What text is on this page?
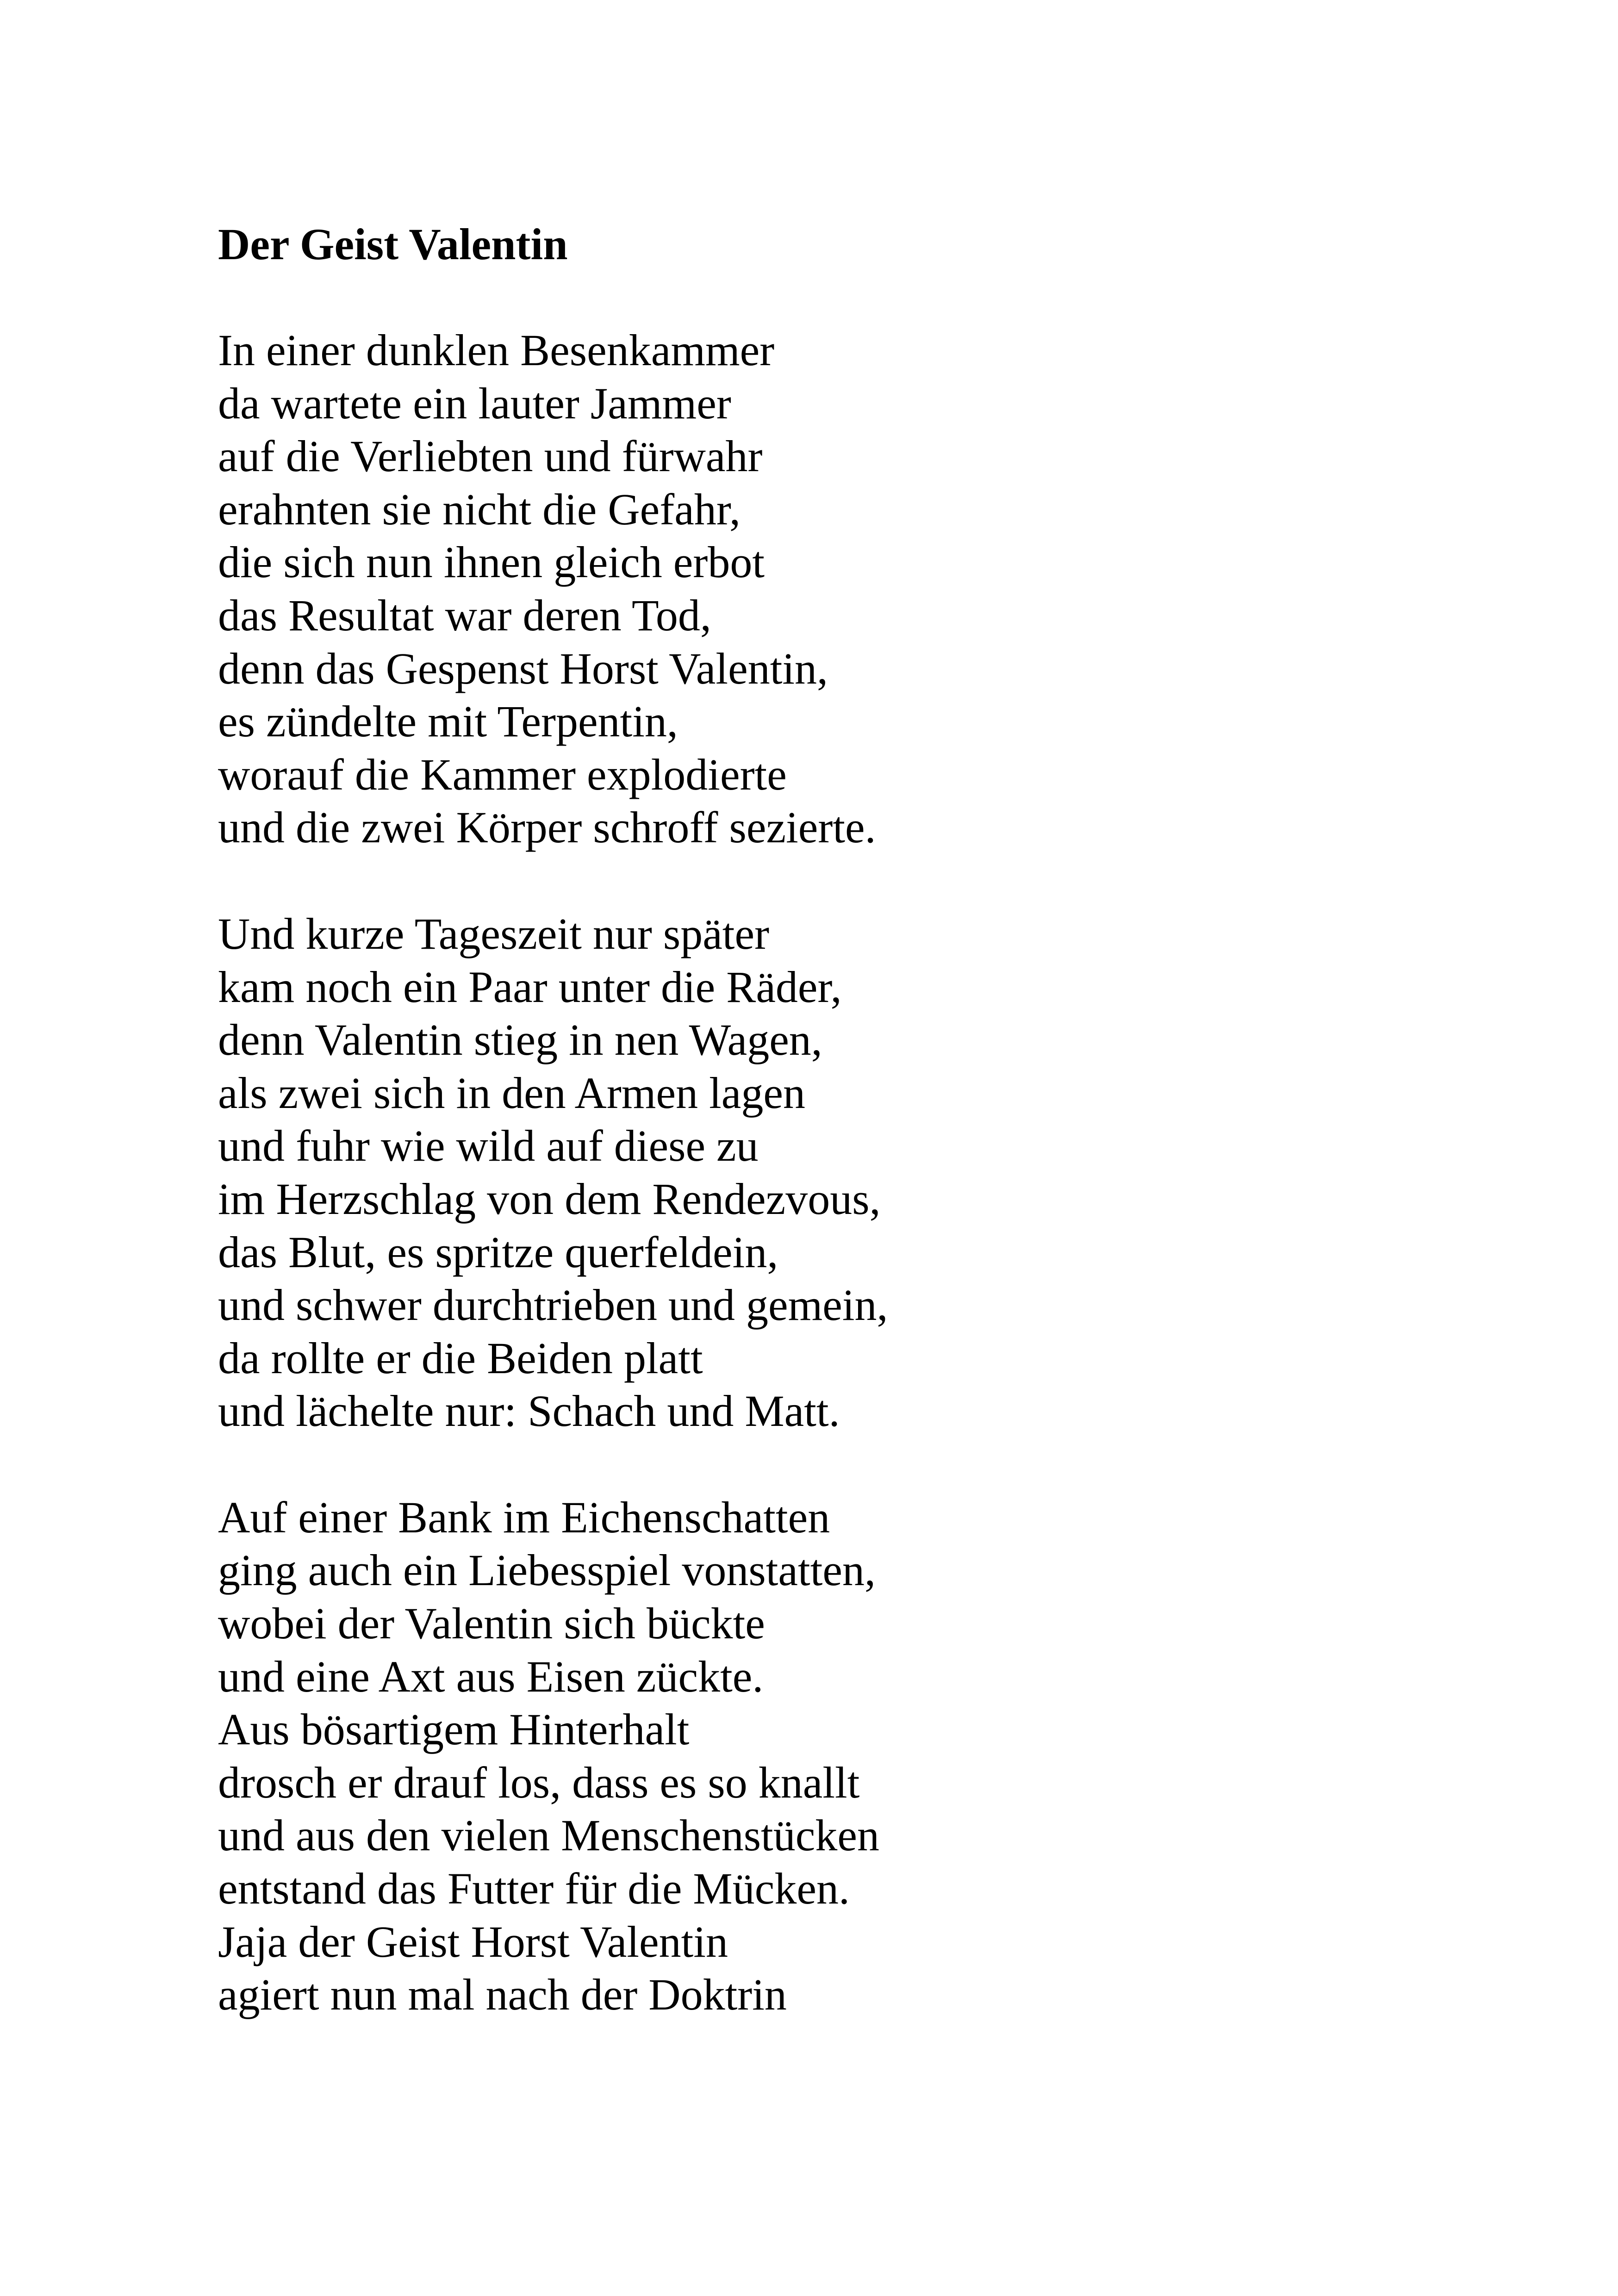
Der Geist Valentin
In einer dunklen Besenkammer
da wartete ein lauter Jammer
auf die Verliebten und fürwahr
erahnten sie nicht die Gefahr,
die sich nun ihnen gleich erbot
das Resultat war deren Tod,
denn das Gespenst Horst Valentin,
es zündelte mit Terpentin,
worauf die Kammer explodierte
und die zwei Körper schroff sezierte.
Und kurze Tageszeit nur später
kam noch ein Paar unter die Räder,
denn Valentin stieg in nen Wagen,
als zwei sich in den Armen lagen
und fuhr wie wild auf diese zu
im Herzschlag von dem Rendezvous,
das Blut, es spritze querfeldein,
und schwer durchtrieben und gemein,
da rollte er die Beiden platt
und lächelte nur: Schach und Matt.
Auf einer Bank im Eichenschatten
ging auch ein Liebesspiel vonstatten,
wobei der Valentin sich bückte
und eine Axt aus Eisen zückte.
Aus bösartigem Hinterhalt
drosch er drauf los, dass es so knallt
und aus den vielen Menschenstücken
entstand das Futter für die Mücken.
Jaja der Geist Horst Valentin
agiert nun mal nach der Doktrin
